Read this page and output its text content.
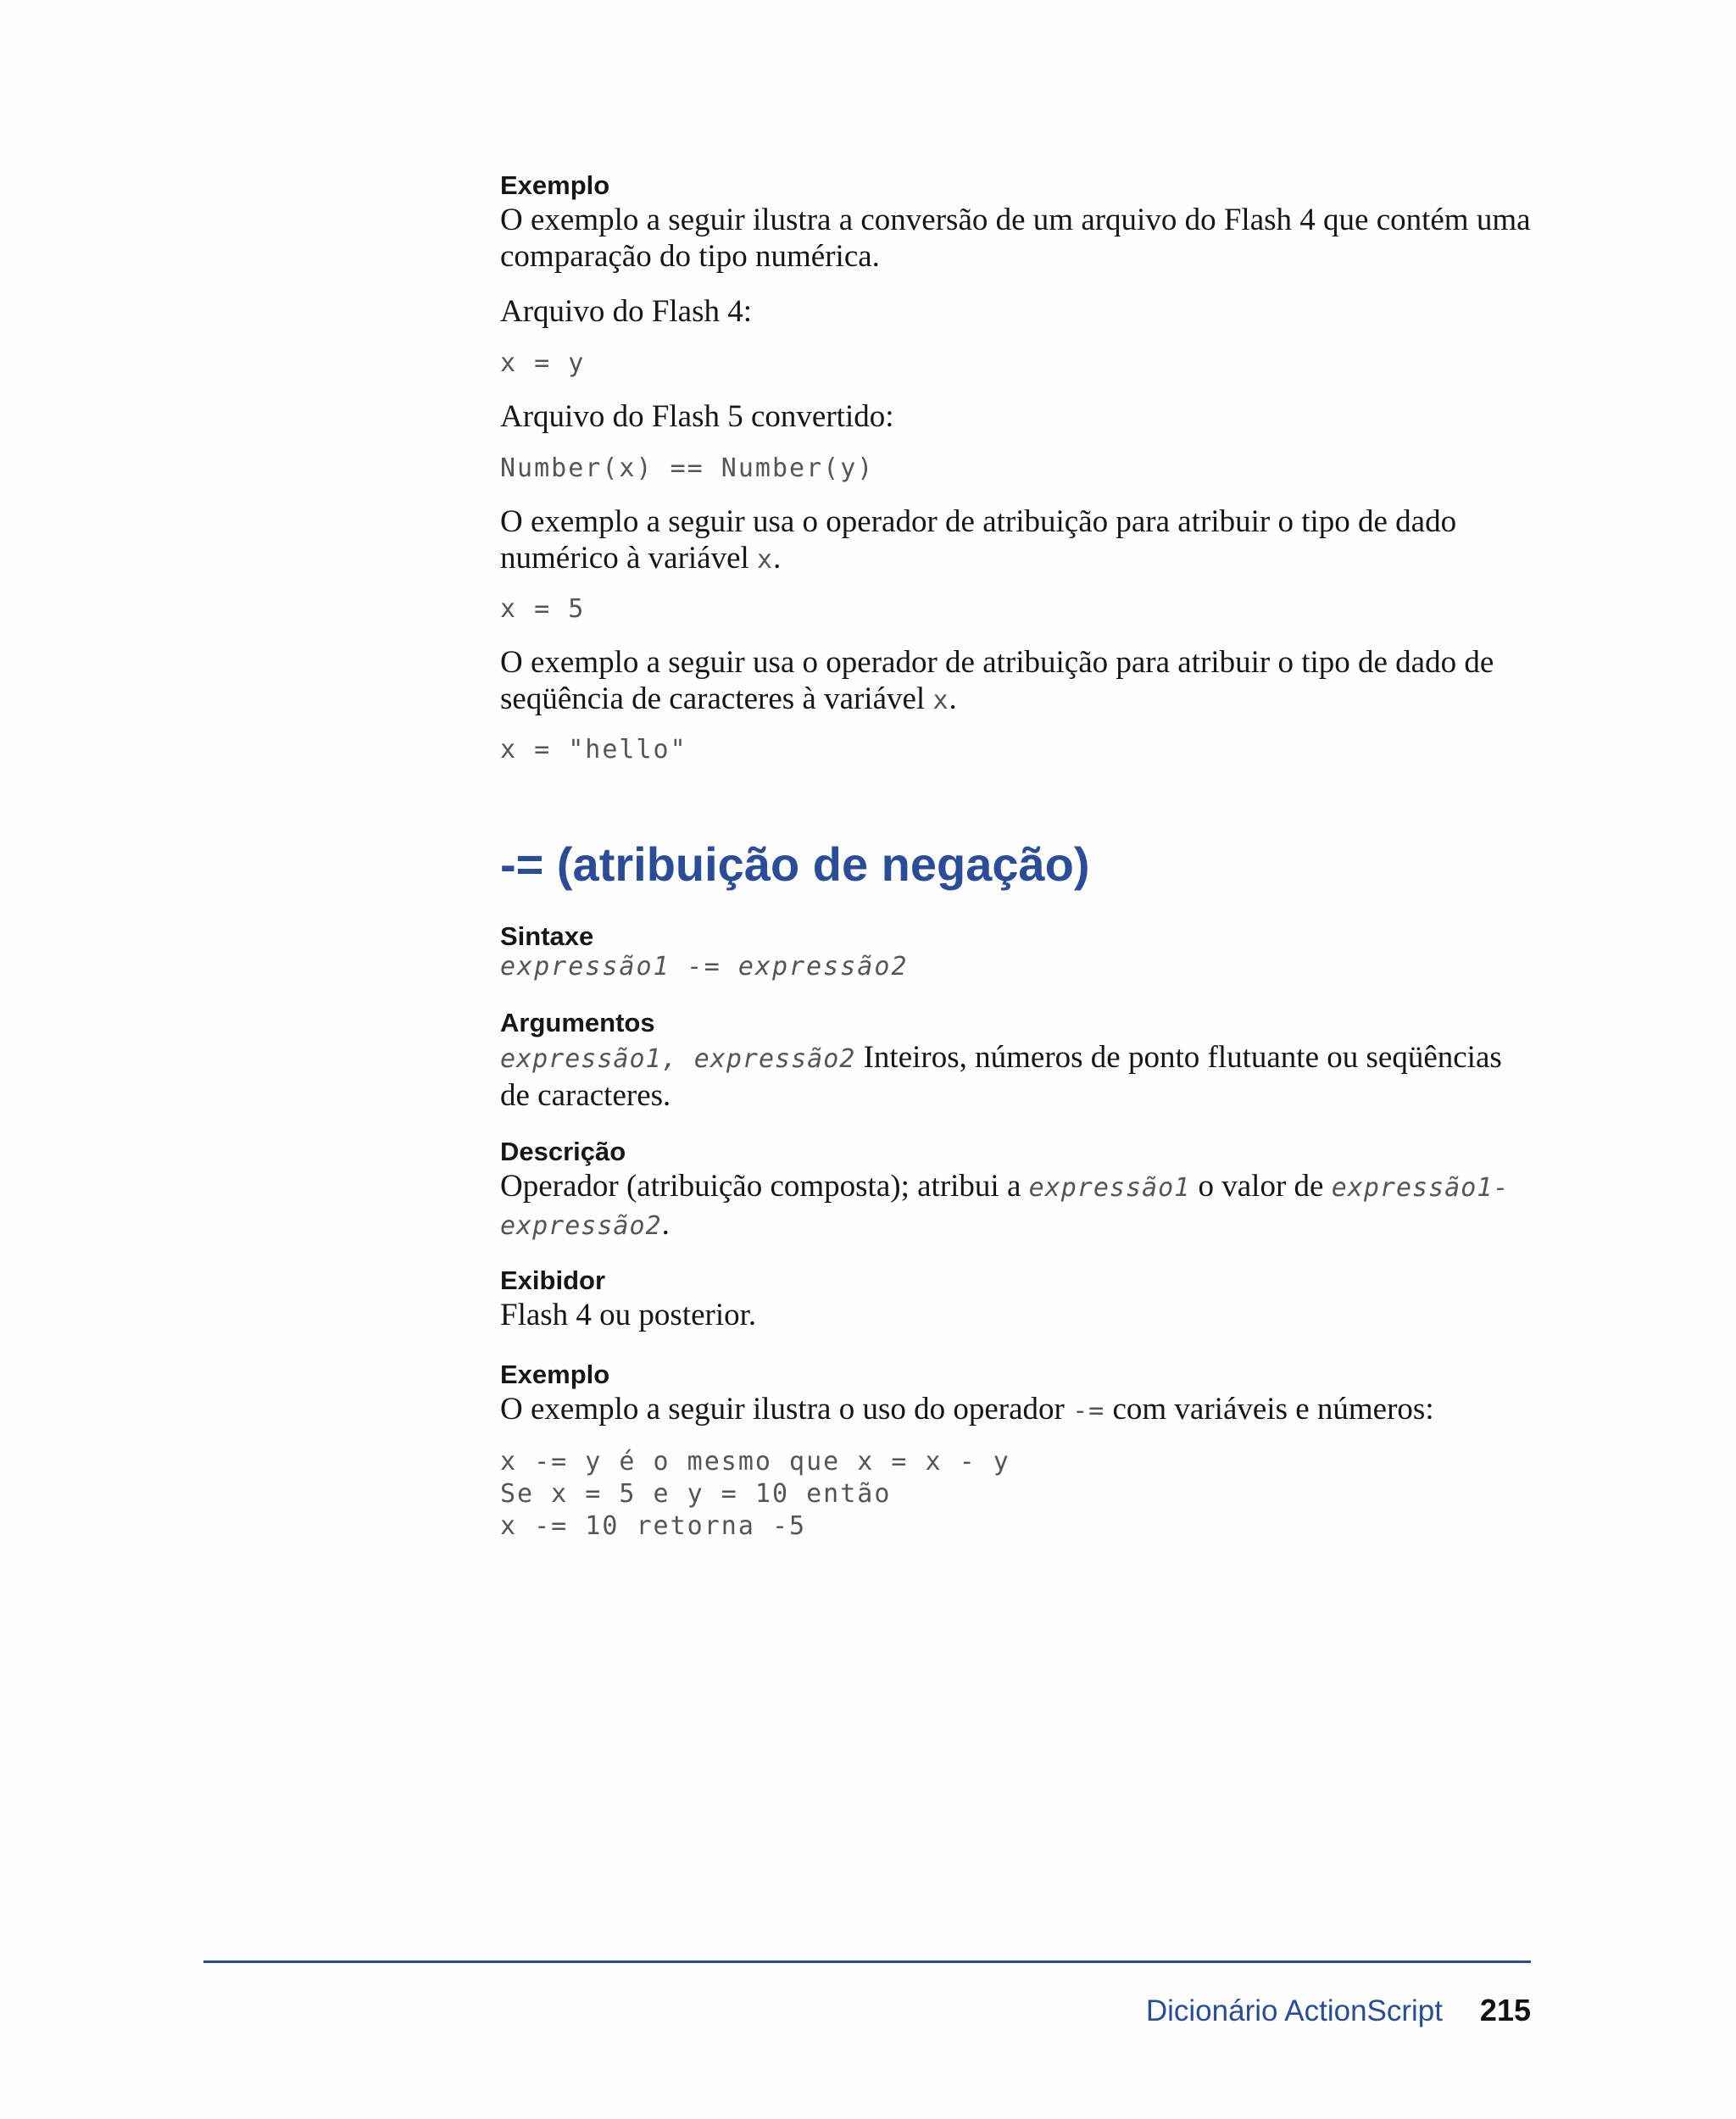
Exemplo
O exemplo a seguir ilustra a conversão de um arquivo do Flash 4 que contém uma comparação do tipo numérica.
Arquivo do Flash 4:
x = y
Arquivo do Flash 5 convertido:
Number(x) == Number(y)
O exemplo a seguir usa o operador de atribuição para atribuir o tipo de dado numérico à variável x.
x = 5
O exemplo a seguir usa o operador de atribuição para atribuir o tipo de dado de seqüência de caracteres à variável x.
x = "hello"
-= (atribuição de negação)
Sintaxe
expressão1 -= expressão2
Argumentos
expressão1, expressão2 Inteiros, números de ponto flutuante ou seqüências de caracteres.
Descrição
Operador (atribuição composta); atribui a expressão1 o valor de expressão1-expressão2.
Exibidor
Flash 4 ou posterior.
Exemplo
O exemplo a seguir ilustra o uso do operador -= com variáveis e números:
x -= y é o mesmo que x = x - y
Se x = 5 e y = 10 então
x -= 10 retorna -5
Dicionário ActionScript 215
